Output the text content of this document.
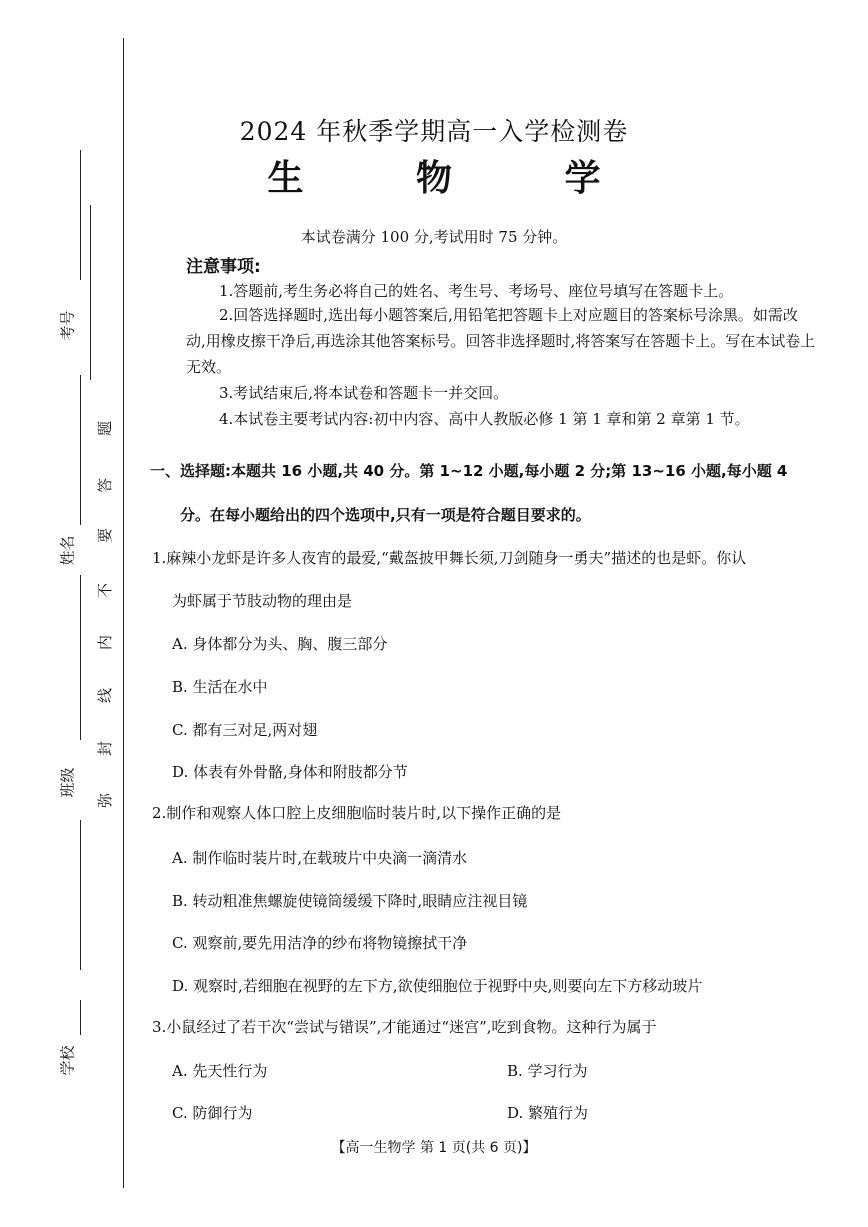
考号
姓名
班级
学校
题
答
要
不
内
线
封
弥
2024 年秋季学期高一入学检测卷
生 物 学
本试卷满分 100 分,考试用时 75 分钟。
注意事项:
1.答题前,考生务必将自己的姓名、考生号、考场号、座位号填写在答题卡上。
2.回答选择题时,选出每小题答案后,用铅笔把答题卡上对应题目的答案标号涂黑。如需改动,用橡皮擦干净后,再选涂其他答案标号。回答非选择题时,将答案写在答题卡上。写在本试卷上无效。
3.考试结束后,将本试卷和答题卡一并交回。
4.本试卷主要考试内容:初中内容、高中人教版必修 1 第 1 章和第 2 章第 1 节。
一、选择题:本题共 16 小题,共 40 分。第 1~12 小题,每小题 2 分;第 13~16 小题,每小题 4
分。在每小题给出的四个选项中,只有一项是符合题目要求的。
1.麻辣小龙虾是许多人夜宵的最爱,“戴盔披甲舞长须,刀剑随身一勇夫”描述的也是虾。你认
为虾属于节肢动物的理由是
A. 身体都分为头、胸、腹三部分
B. 生活在水中
C. 都有三对足,两对翅
D. 体表有外骨骼,身体和附肢都分节
2.制作和观察人体口腔上皮细胞临时装片时,以下操作正确的是
A. 制作临时装片时,在载玻片中央滴一滴清水
B. 转动粗准焦螺旋使镜筒缓缓下降时,眼睛应注视目镜
C. 观察前,要先用洁净的纱布将物镜擦拭干净
D. 观察时,若细胞在视野的左下方,欲使细胞位于视野中央,则要向左下方移动玻片
3.小鼠经过了若干次“尝试与错误”,才能通过“迷宫”,吃到食物。这种行为属于
A. 先天性行为	B. 学习行为
C. 防御行为	D. 繁殖行为
【高一生物学 第 1 页(共 6 页)】
